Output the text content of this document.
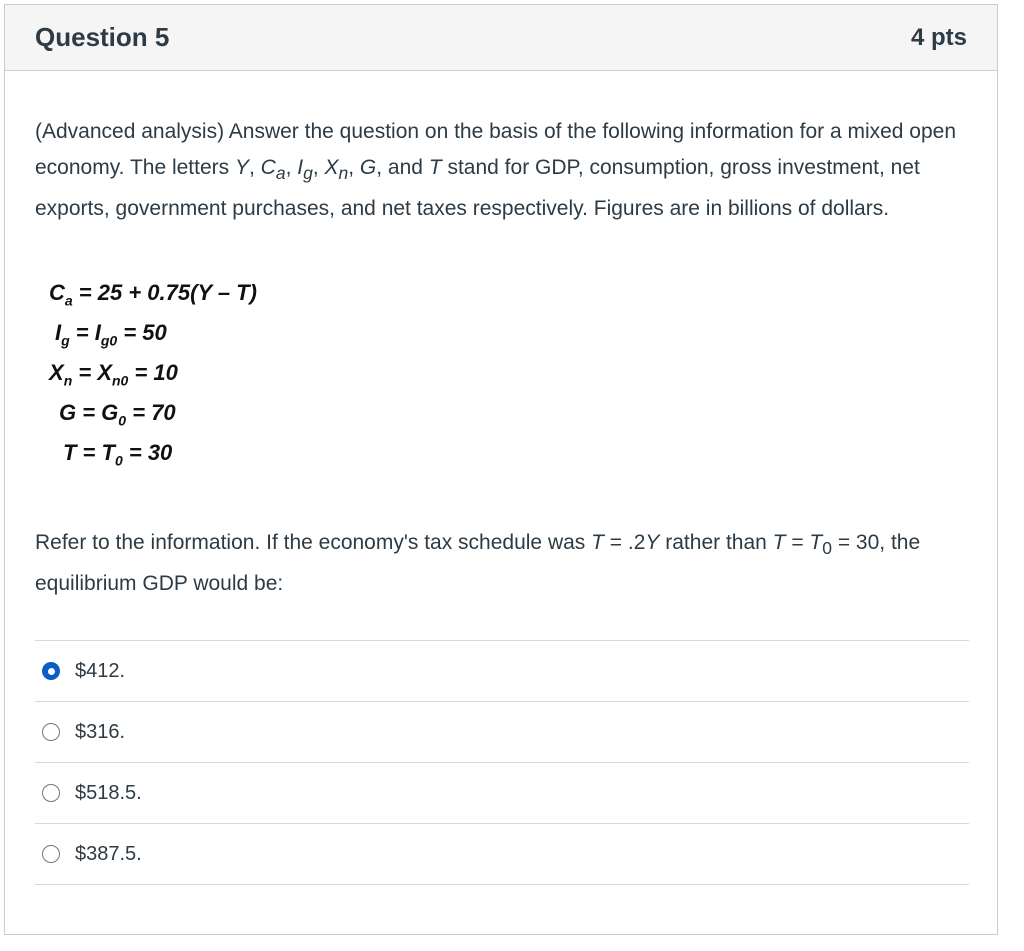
Question 5	4 pts
(Advanced analysis) Answer the question on the basis of the following information for a mixed open economy. The letters Y, $C_a$, $I_g$, $X_n$, G, and T stand for GDP, consumption, gross investment, net exports, government purchases, and net taxes respectively. Figures are in billions of dollars.
$C_a = 25 + 0.75(Y - T)$
$I_g = I_{g0} = 50$
$X_n = X_{n0} = 10$
$G = G_0 = 70$
$T = T_0 = 30$
Refer to the information. If the economy's tax schedule was T = .2Y rather than $T = T_0 = 30$, the equilibrium GDP would be:
$412.
$316.
$518.5.
$387.5.
